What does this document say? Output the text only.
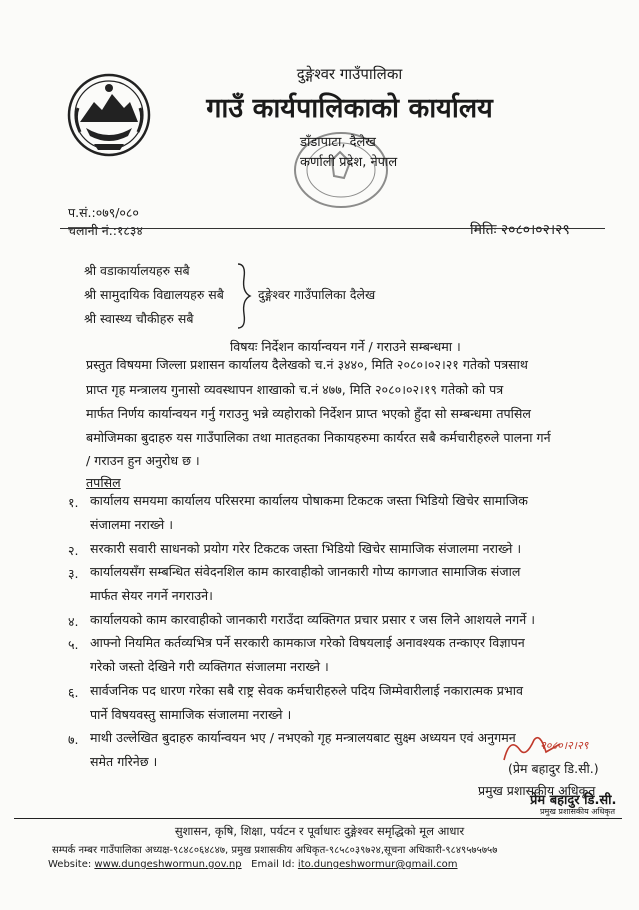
दुङ्गेश्वर गाउँपालिका
गाउँ कार्यपालिकाको कार्यालय
डाँडापाटा, दैलेख
कर्णाली प्रदेश, नेपाल
प.सं.:०७९/०८०
चलानी नं.:१८३४	मितिः २०८०।०२।२९
श्री वडाकार्यालयहरु सबै
श्री सामुदायिक विद्यालयहरु सबै
श्री स्वास्थ्य चौकीहरु सबै
दुङ्गेश्वर गाउँपालिका दैलेख
विषयः निर्देशन कार्यान्वयन गर्ने / गराउने सम्बन्धमा ।
प्रस्तुत विषयमा जिल्ला प्रशासन कार्यालय दैलेखको च.नं ३४४०, मिति २०८०।०२।२१ गतेको पत्रसाथ
प्राप्त गृह मन्त्रालय गुनासो व्यवस्थापन शाखाको च.नं ४७७, मिति २०८०।०२।१९ गतेको को पत्र
मार्फत निर्णय कार्यान्वयन गर्नु गराउनु भन्ने व्यहोराको निर्देशन प्राप्त भएको हुँदा सो सम्बन्धमा तपसिल
बमोजिमका बुदाहरु यस गाउँपालिका तथा मातहतका निकायहरुमा कार्यरत सबै कर्मचारीहरुले पालना गर्न
/ गराउन हुन अनुरोध छ ।
तपसिल
१. कार्यालय समयमा कार्यालय परिसरमा कार्यालय पोषाकमा टिकटक जस्ता भिडियो खिचेर सामाजिक
संजालमा नराख्ने ।
२. सरकारी सवारी साधनको प्रयोग गरेर टिकटक जस्ता भिडियो खिचेर सामाजिक संजालमा नराख्ने ।
३. कार्यालयसँग सम्बन्धित संवेदनशिल काम कारवाहीको जानकारी गोप्य कागजात सामाजिक संजाल
मार्फत सेयर नगर्ने नगराउने।
४. कार्यालयको काम कारवाहीको जानकारी गराउँदा व्यक्तिगत प्रचार प्रसार र जस लिने आशयले नगर्ने ।
५. आफ्नो नियमित कर्तव्यभित्र पर्ने सरकारी कामकाज गरेको विषयलाई अनावश्यक तन्काएर विज्ञापन
गरेको जस्तो देखिने गरी व्यक्तिगत संजालमा नराख्ने ।
६. सार्वजनिक पद धारण गरेका सबै राष्ट्र सेवक कर्मचारीहरुले पदिय जिम्मेवारीलाई नकारात्मक प्रभाव
पार्ने विषयवस्तु सामाजिक संजालमा नराख्ने ।
७. माथी उल्लेखित बुदाहरु कार्यान्वयन भए / नभएको गृह मन्त्रालयबाट सुक्ष्म अध्ययन एवं अनुगमन
समेत गरिनेछ ।
२०८०।२।२९
(प्रेम बहादुर डि.सी.)
प्रमुख प्रशासकीय अधिकृत
प्रेम बहादुर डि.सी.
प्रमुख प्रशासकीय अधिकृत
सुशासन, कृषि, शिक्षा, पर्यटन र पूर्वाधारः दुङ्गेश्वर समृद्धिको मूल आधार
सम्पर्क नम्बर गाउँपालिका अध्यक्ष-९८४८०६४८४७, प्रमुख प्रशासकीय अधिकृत-९८५८०३९७२४,सूचना अधिकारी-९८४९५७५७५७
Website: www.dungeshwormun.gov.np Email Id: ito.dungeshwormur@gmail.com
